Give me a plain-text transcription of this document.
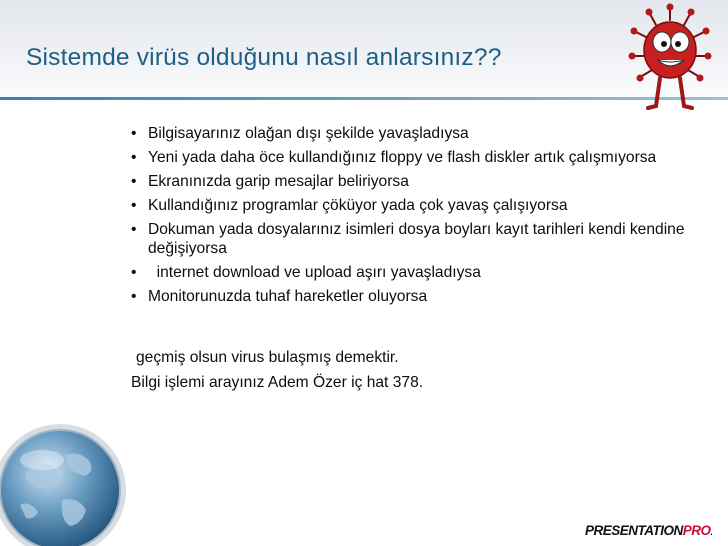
Sistemde virüs olduğunu nasıl anlarsınız??
• Bilgisayarınız olağan dışı şekilde yavaşladıysa
• Yeni yada daha öce kullandığınız floppy ve flash diskler artık çalışmıyorsa
• Ekranınızda garip mesajlar beliriyorsa
• Kullandığınız programlar çöküyor yada çok yavaş çalışıyorsa
• Dokuman yada dosyalarınız isimleri dosya boyları kayıt tarihleri kendi kendine değişiyorsa
• internet download ve upload aşırı yavaşladıysa
• Monitorunuzda tuhaf hareketler oluyorsa
geçmiş olsun virus bulaşmış demektir.
Bilgi işlemi arayınız Adem Özer iç hat 378.
PRESENTATIONPRO.
